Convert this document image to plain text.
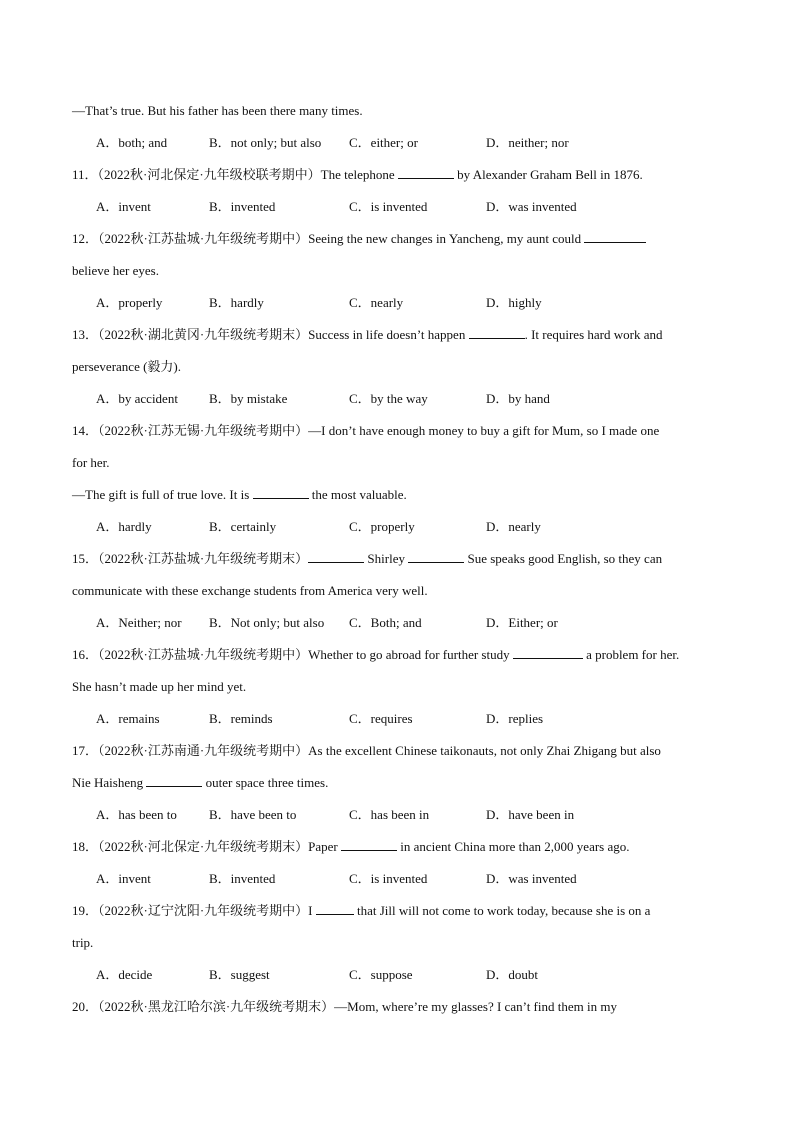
—That’s true. But his father has been there many times.
A．both; and	B．not only; but also	C．either; or	D．neither; nor
11．（2022秋·河北保定·九年级校联考期中）The telephone	by Alexander Graham Bell in 1876.
A．invent	B．invented	C．is invented	D．was invented
12．（2022秋·江苏盐城·九年级统考期中）Seeing the new changes in Yancheng, my aunt could
believe her eyes.
A．properly	B．hardly	C．nearly	D．highly
13．（2022秋·湖北黄冈·九年级统考期末）Success in life doesn’t happen	. It requires hard work and
perseverance (毅力).
A．by accident	B．by mistake	C．by the way	D．by hand
14．（2022秋·江苏无锡·九年级统考期中）—I don’t have enough money to buy a gift for Mum, so I made one
for her.
—The gift is full of true love. It is	the most valuable.
A．hardly	B．certainly	C．properly	D．nearly
15．（2022秋·江苏盐城·九年级统考期末）	Shirley	Sue speaks good English, so they can
communicate with these exchange students from America very well.
A．Neither; nor	B．Not only; but also	C．Both; and	D．Either; or
16．（2022秋·江苏盐城·九年级统考期中）Whether to go abroad for further study	a problem for her.
She hasn’t made up her mind yet.
A．remains	B．reminds	C．requires	D．replies
17．（2022秋·江苏南通·九年级统考期中）As the excellent Chinese taikonauts, not only Zhai Zhigang but also
Nie Haisheng	outer space three times.
A．has been to	B．have been to	C．has been in	D．have been in
18．（2022秋·河北保定·九年级统考期末）Paper	in ancient China more than 2,000 years ago.
A．invent	B．invented	C．is invented	D．was invented
19．（2022秋·辽宁沈阳·九年级统考期中）I	that Jill will not come to work today, because she is on a
trip.
A．decide	B．suggest	C．suppose	D．doubt
20．（2022秋·黑龙江哈尔滨·九年级统考期末）—Mom, where’re my glasses? I can’t find them in my
